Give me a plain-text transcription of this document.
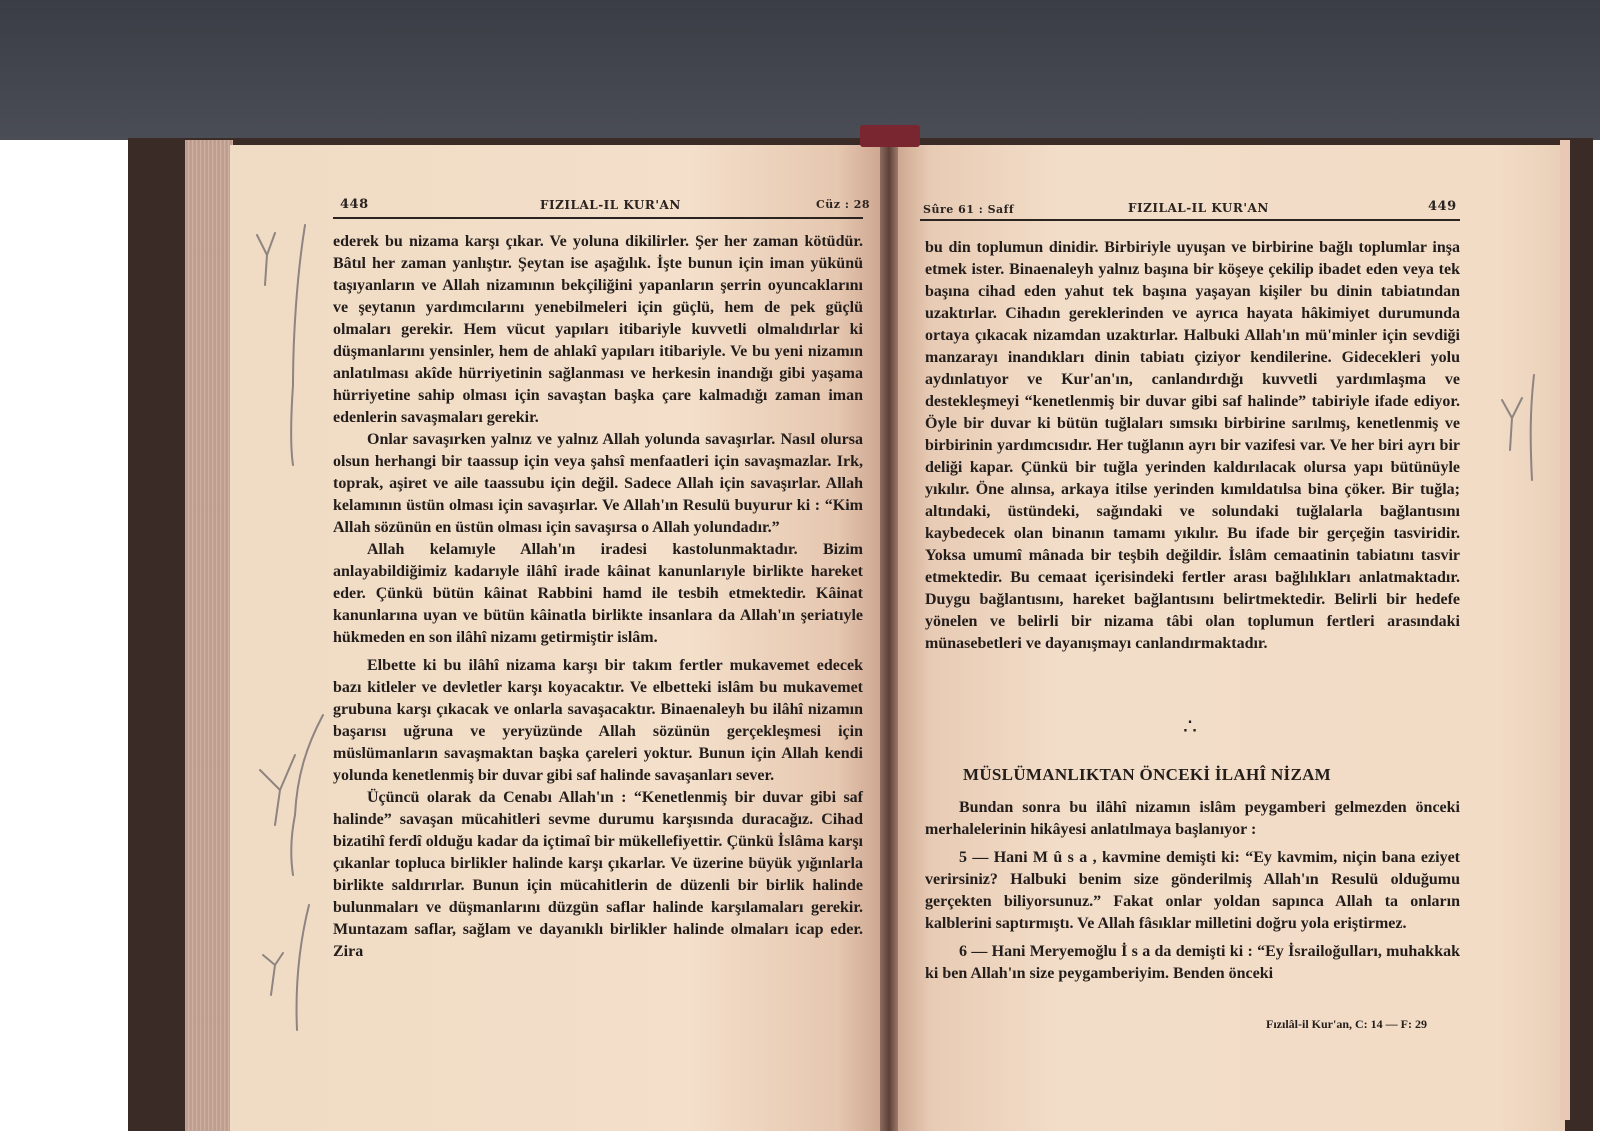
448	FIZILAL-IL KUR'AN	Cüz : 28

ederek bu nizama karşı çıkar. Ve yoluna dikilirler. Şer her zaman kötüdür. Bâtıl her zaman yanlıştır. Şeytan ise aşağılık. İşte bunun için iman yükünü taşıyanların ve Allah nizamının bekçiliğini yapanların şerrin oyuncaklarını ve şeytanın yardımcılarını yenebilmeleri için güçlü, hem de pek güçlü olmaları gerekir. Hem vücut yapıları itibariyle kuvvetli olmalıdırlar ki düşmanlarını yensinler, hem de ahlakî yapıları itibariyle. Ve bu yeni nizamın anlatılması akîde hürriyetinin sağlanması ve herkesin inandığı gibi yaşama hürriyetine sahip olması için savaştan başka çare kalmadığı zaman iman edenlerin savaşmaları gerekir.

Onlar savaşırken yalnız ve yalnız Allah yolunda savaşırlar. Nasıl olursa olsun herhangi bir taassup için veya şahsî menfaatleri için savaşmazlar. Irk, toprak, aşiret ve aile taassubu için değil. Sadece Allah için savaşırlar. Allah kelamının üstün olması için savaşırlar. Ve Allah'ın Resulü buyurur ki : “Kim Allah sözünün en üstün olması için savaşırsa o Allah yolundadır.”

Allah kelamıyle Allah'ın iradesi kastolunmaktadır. Bizim anlayabildiğimiz kadarıyle ilâhî irade kâinat kanunlarıyle birlikte hareket eder. Çünkü bütün kâinat Rabbini hamd ile tesbih etmektedir. Kâinat kanunlarına uyan ve bütün kâinatla birlikte insanlara da Allah'ın şeriatıyle hükmeden en son ilâhî nizamı getirmiştir islâm.

Elbette ki bu ilâhî nizama karşı bir takım fertler mukavemet edecek bazı kitleler ve devletler karşı koyacaktır. Ve elbetteki islâm bu mukavemet grubuna karşı çıkacak ve onlarla savaşacaktır. Binaenaleyh bu ilâhî nizamın başarısı uğruna ve yeryüzünde Allah sözünün gerçekleşmesi için müslümanların savaşmaktan başka çareleri yoktur. Bunun için Allah kendi yolunda kenetlenmiş bir duvar gibi saf halinde savaşanları sever.

Üçüncü olarak da Cenabı Allah'ın : “Kenetlenmiş bir duvar gibi saf halinde” savaşan mücahitleri sevme durumu karşısında duracağız. Cihad bizatihî ferdî olduğu kadar da içtimaî bir mükellefiyettir. Çünkü İslâma karşı çıkanlar topluca birlikler halinde karşı çıkarlar. Ve üzerine büyük yığınlarla birlikte saldırırlar. Bunun için mücahitlerin de düzenli bir birlik halinde bulunmaları ve düşmanlarını düzgün saflar halinde karşılamaları gerekir. Muntazam saflar, sağlam ve dayanıklı birlikler halinde olmaları icap eder. Zira

Sûre 61 : Saff	FIZILAL-IL KUR'AN	449

bu din toplumun dinidir. Birbiriyle uyuşan ve birbirine bağlı toplumlar inşa etmek ister. Binaenaleyh yalnız başına bir köşeye çekilip ibadet eden veya tek başına cihad eden yahut tek başına yaşayan kişiler bu dinin tabiatından uzaktırlar. Cihadın gereklerinden ve ayrıca hayata hâkimiyet durumunda ortaya çıkacak nizamdan uzaktırlar. Halbuki Allah'ın mü'minler için sevdiği manzarayı inandıkları dinin tabiatı çiziyor kendilerine. Gidecekleri yolu aydınlatıyor ve Kur'an'ın, canlandırdığı kuvvetli yardımlaşma ve destekleşmeyi “kenetlenmiş bir duvar gibi saf halinde” tabiriyle ifade ediyor. Öyle bir duvar ki bütün tuğlaları sımsıkı birbirine sarılmış, kenetlenmiş ve birbirinin yardımcısıdır. Her tuğlanın ayrı bir vazifesi var. Ve her biri ayrı bir deliği kapar. Çünkü bir tuğla yerinden kaldırılacak olursa yapı bütünüyle yıkılır. Öne alınsa, arkaya itilse yerinden kımıldatılsa bina çöker. Bir tuğla; altındaki, üstündeki, sağındaki ve solundaki tuğlalarla bağlantısını kaybedecek olan binanın tamamı yıkılır. Bu ifade bir gerçeğin tasviridir. Yoksa umumî mânada bir teşbih değildir. İslâm cemaatinin tabiatını tasvir etmektedir. Bu cemaat içerisindeki fertler arası bağlılıkları anlatmaktadır. Duygu bağlantısını, hareket bağlantısını belirtmektedir. Belirli bir hedefe yönelen ve belirli bir nizama tâbi olan toplumun fertleri arasındaki münasebetleri ve dayanışmayı canlandırmaktadır.

∴
MÜSLÜMANLIKTAN ÖNCEKİ İLAHÎ NİZAM

Bundan sonra bu ilâhî nizamın islâm peygamberi gelmezden önceki merhalelerinin hikâyesi anlatılmaya başlanıyor :

5 — Hani M û s a , kavmine demişti ki: “Ey kavmim, niçin bana eziyet verirsiniz? Halbuki benim size gönderilmiş Allah'ın Resulü olduğumu gerçekten biliyorsunuz.” Fakat onlar yoldan sapınca Allah ta onların kalblerini saptırmıştı. Ve Allah fâsıklar milletini doğru yola eriştirmez.

6 — Hani Meryemoğlu İ s a da demişti ki : “Ey İsrailoğulları, muhakkak ki ben Allah'ın size peygamberiyim. Benden önceki

Fızılâl-il Kur'an, C: 14 — F: 29
